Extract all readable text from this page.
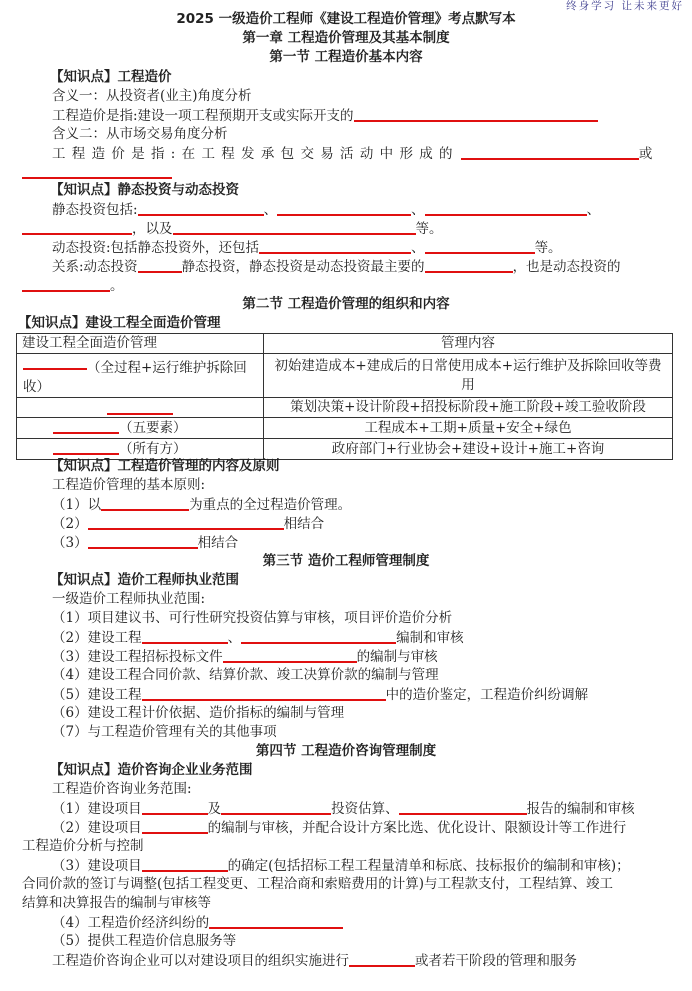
终身学习 让未来更好
2025 一级造价工程师《建设工程造价管理》考点默写本
第一章 工程造价管理及其基本制度
第一节 工程造价基本内容
【知识点】工程造价
含义一：从投资者(业主)角度分析
工程造价是指:建设一项工程预期开支或实际开支的
含义二：从市场交易角度分析
工程造价是指:在工程发承包交易活动中形成的	或
【知识点】静态投资与动态投资
静态投资包括:	、	、	、
，以及	等。
动态投资:包括静态投资外，还包括	、	等。
关系:动态投资	静态投资，静态投资是动态投资最主要的	，也是动态投资的
。
第二节 工程造价管理的组织和内容
【知识点】建设工程全面造价管理
建设工程全面造价管理	管理内容
（全过程+运行维护拆除回收）	初始建造成本+建成后的日常使用成本+运行维护及拆除回收等费用
	策划决策+设计阶段+招投标阶段+施工阶段+竣工验收阶段
（五要素）	工程成本+工期+质量+安全+绿色
（所有方）	政府部门+行业协会+建设+设计+施工+咨询
【知识点】工程造价管理的内容及原则
工程造价管理的基本原则:
（1）以	为重点的全过程造价管理。
（2）	相结合
（3）	相结合
第三节 造价工程师管理制度
【知识点】造价工程师执业范围
一级造价工程师执业范围:
（1）项目建议书、可行性研究投资估算与审核，项目评价造价分析
（2）建设工程	、	编制和审核
（3）建设工程招标投标文件	的编制与审核
（4）建设工程合同价款、结算价款、竣工决算价款的编制与管理
（5）建设工程	中的造价鉴定，工程造价纠纷调解
（6）建设工程计价依据、造价指标的编制与管理
（7）与工程造价管理有关的其他事项
第四节 工程造价咨询管理制度
【知识点】造价咨询企业业务范围
工程造价咨询业务范围:
（1）建设项目	及	投资估算、	报告的编制和审核
（2）建设项目	的编制与审核，并配合设计方案比选、优化设计、限额设计等工作进行
工程造价分析与控制
（3）建设项目	的确定(包括招标工程工程量清单和标底、技标报价的编制和审核)；
合同价款的签订与调整(包括工程变更、工程洽商和索赔费用的计算)与工程款支付，工程结算、竣工
结算和决算报告的编制与审核等
（4）工程造价经济纠纷的
（5）提供工程造价信息服务等
工程造价咨询企业可以对建设项目的组织实施进行	或者若干阶段的管理和服务
